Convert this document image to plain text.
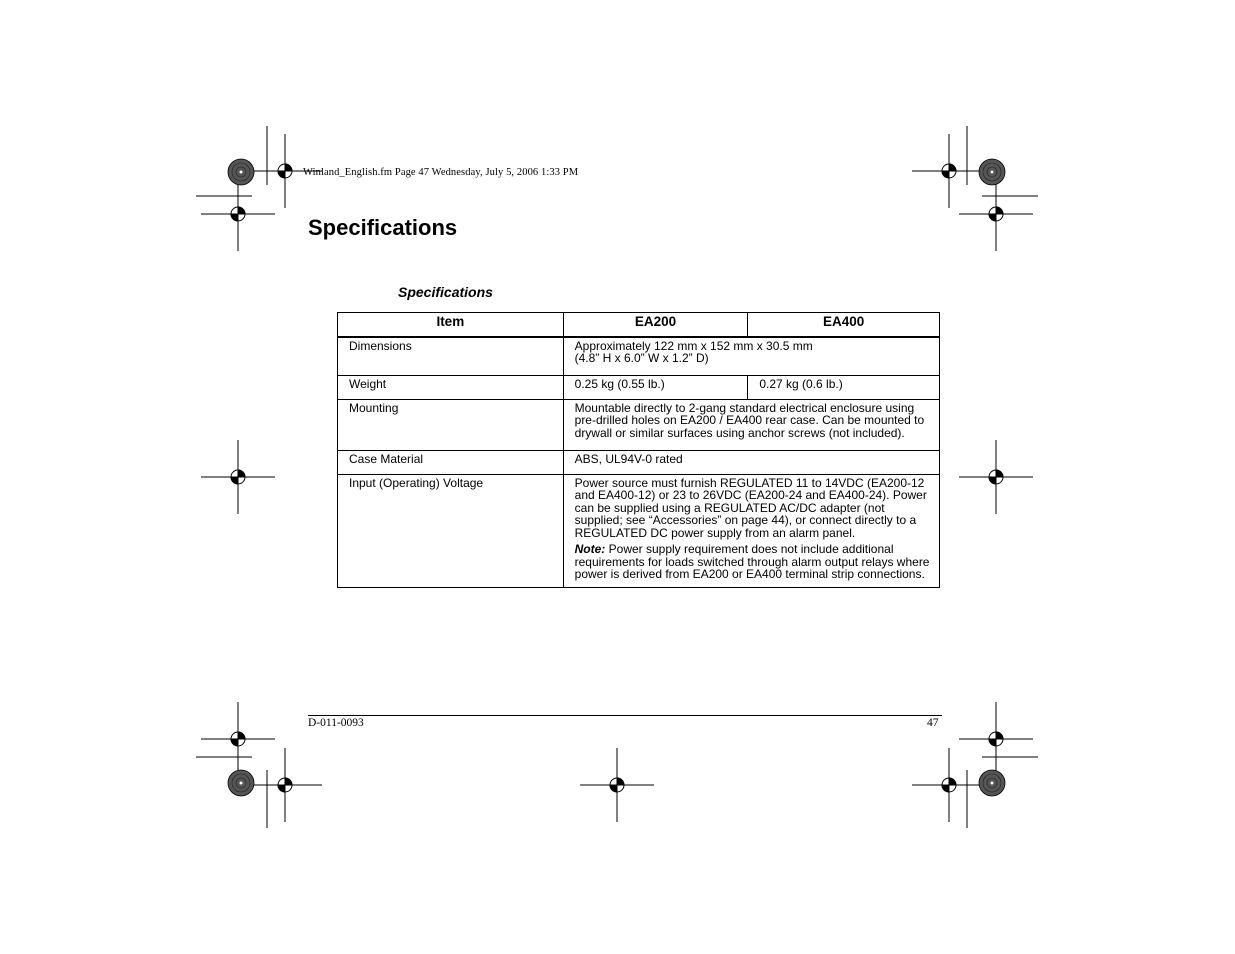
Winland_English.fm Page 47 Wednesday, July 5, 2006 1:33 PM
Specifications
Specifications
Item	EA200	EA400
Dimensions	Approximately 122 mm x 152 mm x 30.5 mm

(4.8” H x 6.0” W x 1.2” D)	

Weight	0.25 kg (0.55 lb.)	0.27 kg (0.6 lb.)
Mounting	Mountable directly to 2-gang standard electrical enclosure using pre-drilled holes on EA200 / EA400 rear case. Can be mounted to drywall or similar surfaces using anchor screws (not included).	
Case Material	ABS, UL94V-0 rated	
Input (Operating) Voltage	Power source must furnish REGULATED 11 to 14VDC (EA200-12 and EA400-12) or 23 to 26VDC (EA200-24 and EA400-24). Power can be supplied using a REGULATED AC/DC adapter (not supplied; see “Accessories” on page 44), or connect directly to a REGULATED DC power supply from an alarm panel.

Note: Power supply requirement does not include additional requirements for loads switched through alarm output relays where power is derived from EA200 or EA400 terminal strip connections.	

D-011-0093	47
